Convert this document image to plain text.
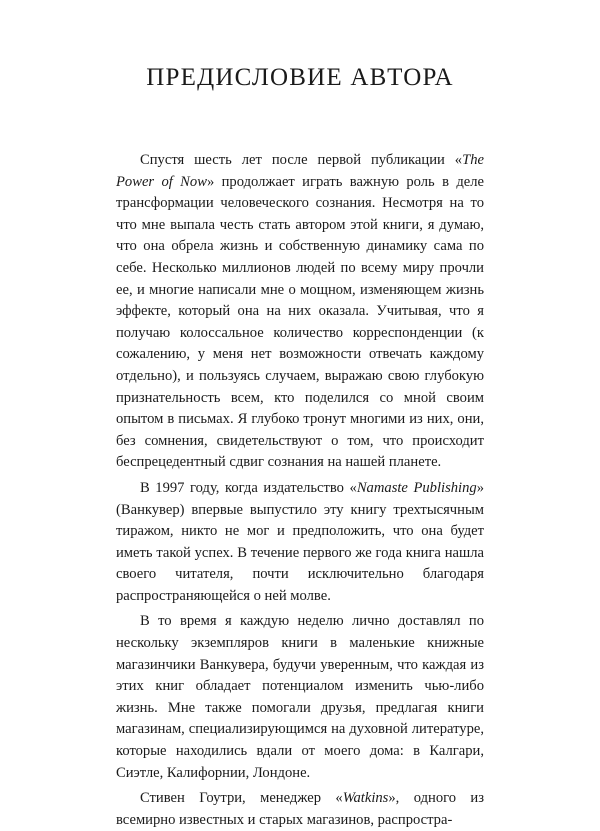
ПРЕДИСЛОВИЕ АВТОРА

Спустя шесть лет после первой публикации «The Power of Now» продолжает играть важную роль в деле трансформации человеческого сознания. Несмотря на то что мне выпала честь стать автором этой книги, я думаю, что она обрела жизнь и собственную динамику сама по себе. Несколько миллионов людей по всему миру прочли ее, и многие написали мне о мощном, изменяющем жизнь эффекте, который она на них оказала. Учитывая, что я получаю колоссальное количество корреспонденции (к сожалению, у меня нет возможности отвечать каждому отдельно), и пользуясь случаем, выражаю свою глубокую признательность всем, кто поделился со мной своим опытом в письмах. Я глубоко тронут многими из них, они, без сомнения, свидетельствуют о том, что происходит беспрецедентный сдвиг сознания на нашей планете.

В 1997 году, когда издательство «Namaste Publishing» (Ванкувер) впервые выпустило эту книгу трехтысячным тиражом, никто не мог и предположить, что она будет иметь такой успех. В течение первого же года книга нашла своего читателя, почти исключительно благодаря распространяющейся о ней молве.

В то время я каждую неделю лично доставлял по нескольку экземпляров книги в маленькие книжные магазинчики Ванкувера, будучи уверенным, что каждая из этих книг обладает потенциалом изменить чью-либо жизнь. Мне также помогали друзья, предлагая книги магазинам, специализирующимся на духовной литературе, которые находились вдали от моего дома: в Калгари, Сиэтле, Калифорнии, Лондоне.

Стивен Гоутри, менеджер «Watkins», одного из всемирно известных и старых магазинов, распростра-
